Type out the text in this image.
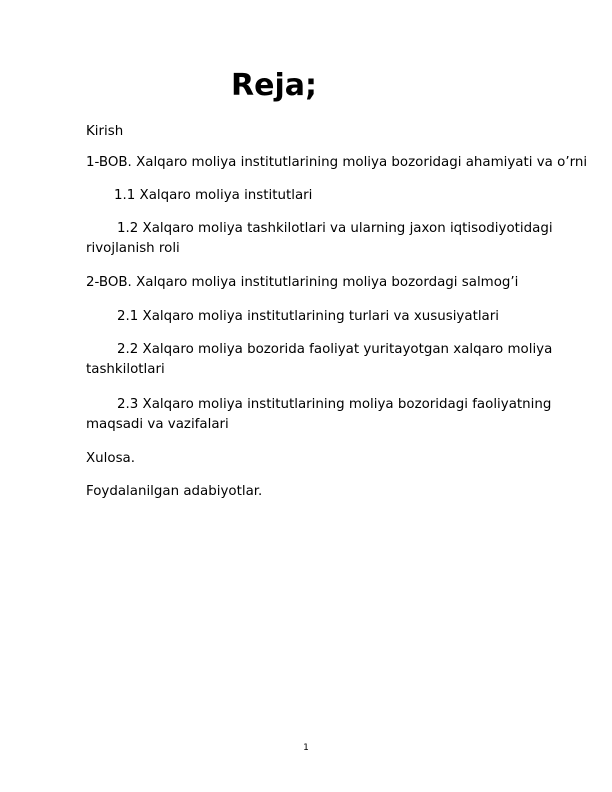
Reja;
Kirish
1-BOB. Xalqaro moliya institutlarining moliya bozoridagi ahamiyati va o’rni
1.1 Xalqaro moliya institutlari
1.2 Xalqaro moliya tashkilotlari va ularning jaxon iqtisodiyotidagi rivojlanish roli
2-BOB. Xalqaro moliya institutlarining moliya bozordagi salmog’i
2.1 Xalqaro moliya institutlarining turlari va xususiyatlari
2.2 Xalqaro moliya bozorida faoliyat yuritayotgan xalqaro moliya tashkilotlari
2.3 Xalqaro moliya institutlarining moliya bozoridagi faoliyatning maqsadi va vazifalari
Xulosa.
Foydalanilgan adabiyotlar.
1
